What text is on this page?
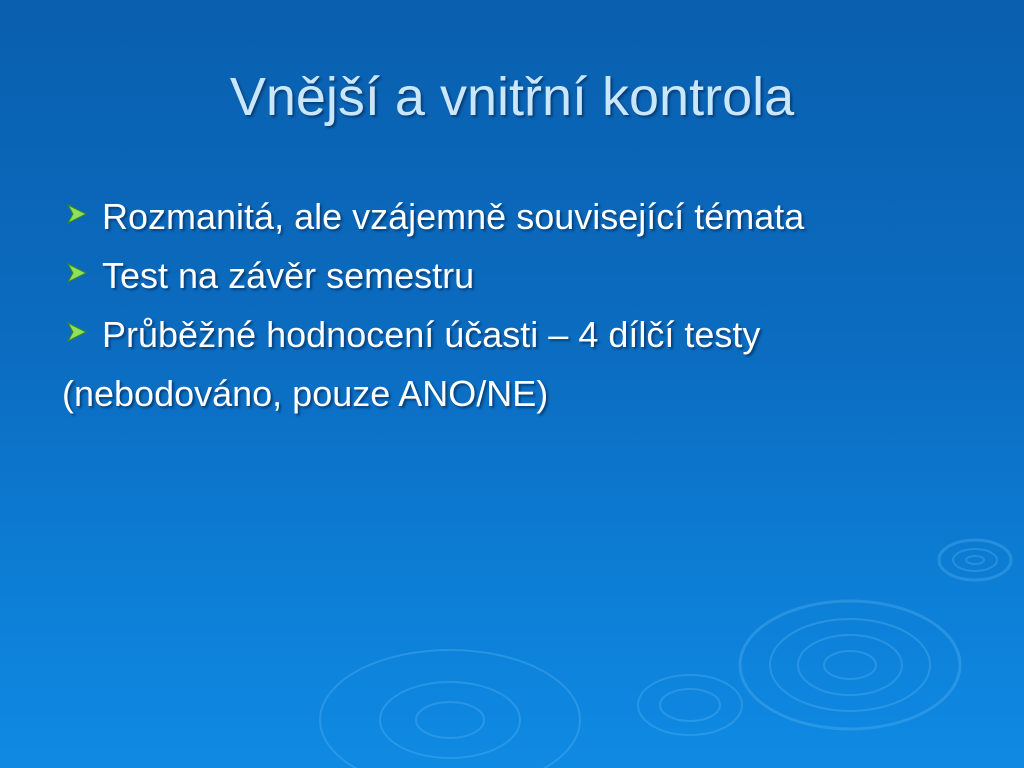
Vnější a vnitřní kontrola
Rozmanitá, ale vzájemně související témata
Test na závěr semestru
Průběžné hodnocení účasti – 4 dílčí testy
(nebodováno, pouze ANO/NE)
